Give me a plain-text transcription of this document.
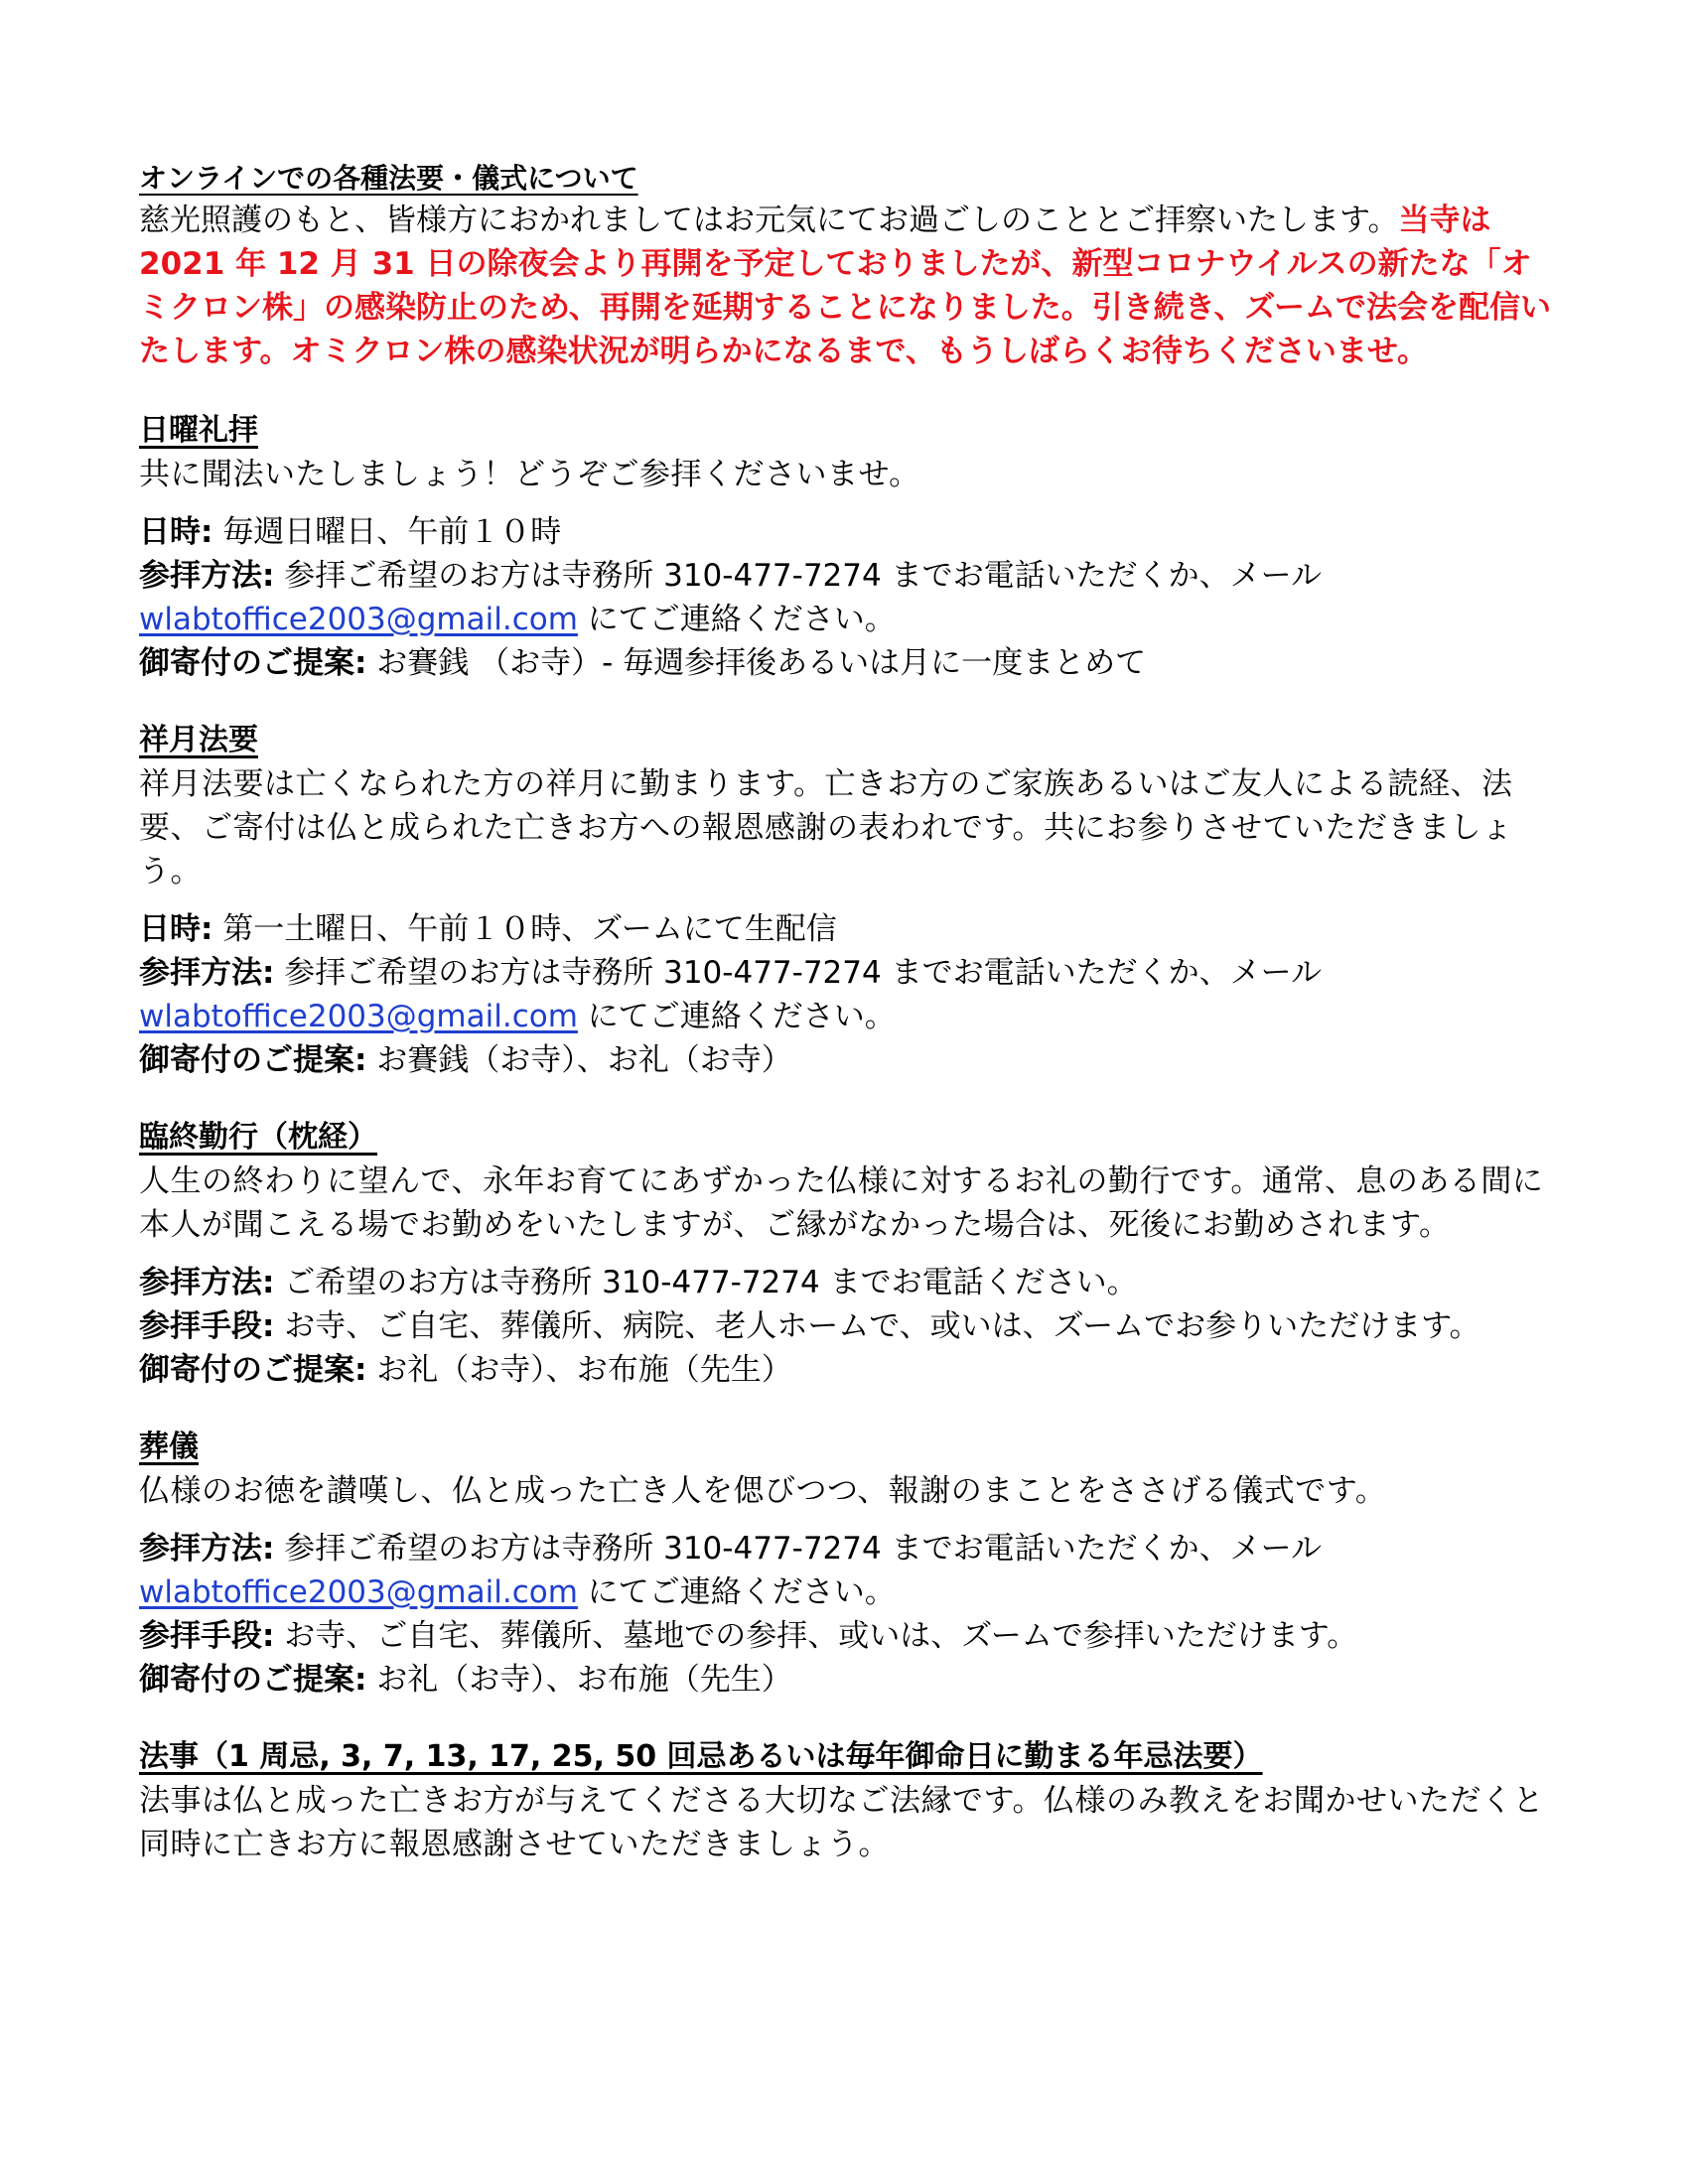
オンラインでの各種法要・儀式について

慈光照護のもと、皆様方におかれましてはお元気にてお過ごしのこととご拝察いたします。当寺は 2021 年 12 月 31 日の除夜会より再開を予定しておりましたが、新型コロナウイルスの新たな「オミクロン株」の感染防止のため、再開を延期することになりました。引き続き、ズームで法会を配信いたします。オミクロン株の感染状況が明らかになるまで、もうしばらくお待ちくださいませ。

日曜礼拝

共に聞法いたしましょう！どうぞご参拝くださいませ。

日時: 毎週日曜日、午前１０時

参拝方法: 参拝ご希望のお方は寺務所 310-477-7274 までお電話いただくか、メール
wlabtoffice2003@gmail.com にてご連絡ください。

御寄付のご提案: お賽銭 （お寺）‐ 毎週参拝後あるいは月に一度まとめて

祥月法要

祥月法要は亡くなられた方の祥月に勤まります。亡きお方のご家族あるいはご友人による読経、法要、ご寄付は仏と成られた亡きお方への報恩感謝の表われです。共にお参りさせていただきましょう。

日時: 第一土曜日、午前１０時、ズームにて生配信

参拝方法: 参拝ご希望のお方は寺務所 310-477-7274 までお電話いただくか、メール
wlabtoffice2003@gmail.com にてご連絡ください。

御寄付のご提案: お賽銭（お寺）、お礼（お寺）

臨終勤行（枕経）

人生の終わりに望んで、永年お育てにあずかった仏様に対するお礼の勤行です。通常、息のある間に本人が聞こえる場でお勤めをいたしますが、ご縁がなかった場合は、死後にお勤めされます。

参拝方法: ご希望のお方は寺務所 310-477-7274 までお電話ください。

参拝手段: お寺、ご自宅、葬儀所、病院、老人ホームで、或いは、ズームでお参りいただけます。

御寄付のご提案: お礼（お寺）、お布施（先生）

葬儀

仏様のお徳を讃嘆し、仏と成った亡き人を偲びつつ、報謝のまことをささげる儀式です。

参拝方法: 参拝ご希望のお方は寺務所 310-477-7274 までお電話いただくか、メール
wlabtoffice2003@gmail.com にてご連絡ください。

参拝手段: お寺、ご自宅、葬儀所、墓地での参拝、或いは、ズームで参拝いただけます。

御寄付のご提案: お礼（お寺）、お布施（先生）

法事（1 周忌, 3, 7, 13, 17, 25, 50 回忌あるいは毎年御命日に勤まる年忌法要）

法事は仏と成った亡きお方が与えてくださる大切なご法縁です。仏様のみ教えをお聞かせいただくと同時に亡きお方に報恩感謝させていただきましょう。
